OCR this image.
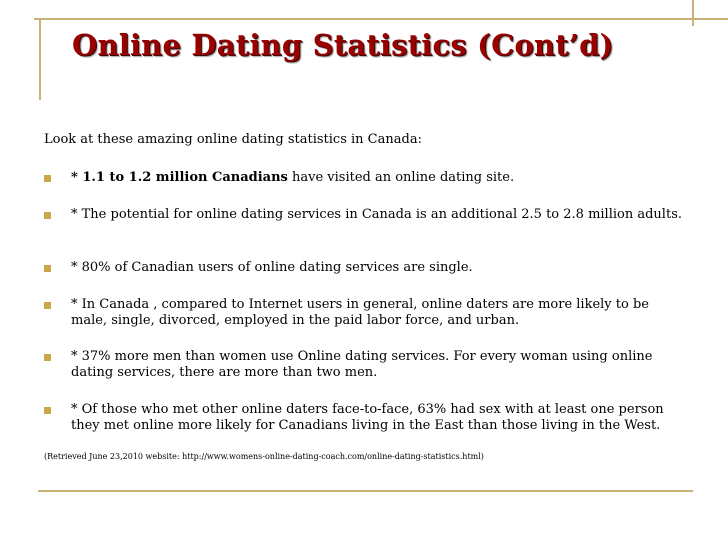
Online Dating Statistics (Cont’d)

Look at these amazing online dating statistics in Canada:

* 1.1 to 1.2 million Canadians have visited an online dating site.
* The potential for online dating services in Canada is an additional 2.5 to 2.8 million adults.
* 80% of Canadian users of online dating services are single.
* In Canada , compared to Internet users in general, online daters are more likely to be male, single, divorced, employed in the paid labor force, and urban.
* 37% more men than women use Online dating services. For every woman using online dating services, there are more than two men.
* Of those who met other online daters face-to-face, 63% had sex with at least one person they met online more likely for Canadians living in the East than those living in the West.

(Retrieved June 23,2010 website: http://www.womens-online-dating-coach.com/online-dating-statistics.html)
